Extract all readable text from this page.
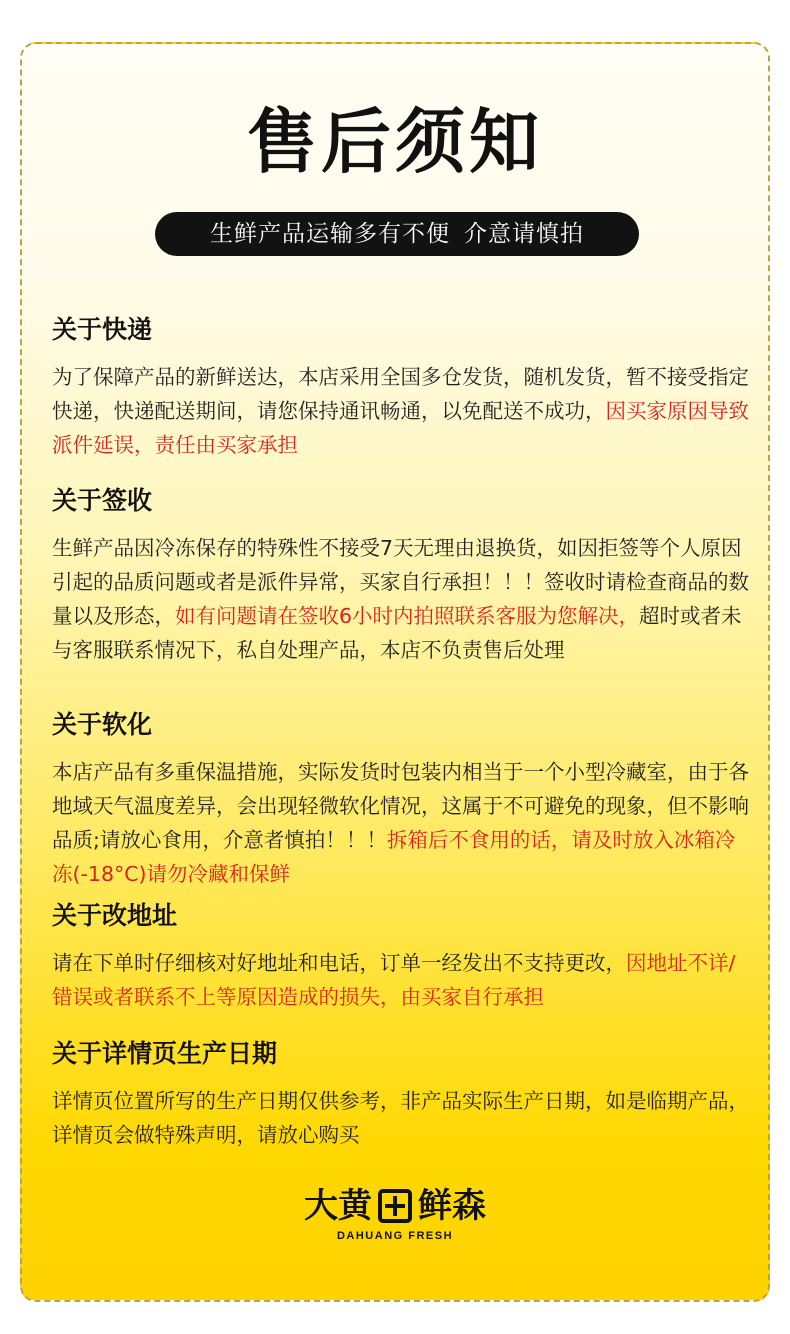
售后须知
生鲜产品运输多有不便 介意请慎拍
关于快递

为了保障产品的新鲜送达，本店采用全国多仓发货，随机发货，暂不接受指定快递，快递配送期间，请您保持通讯畅通，以免配送不成功，因买家原因导致派件延误，责任由买家承担

关于签收

生鲜产品因冷冻保存的特殊性不接受7天无理由退换货，如因拒签等个人原因引起的品质问题或者是派件异常，买家自行承担！！！签收时请检查商品的数量以及形态，如有问题请在签收6小时内拍照联系客服为您解决，超时或者未与客服联系情况下，私自处理产品，本店不负责售后处理

关于软化

本店产品有多重保温措施，实际发货时包装内相当于一个小型冷藏室，由于各地域天气温度差异，会出现轻微软化情况，这属于不可避免的现象，但不影响品质;请放心食用，介意者慎拍！！！拆箱后不食用的话，请及时放入冰箱冷冻(-18°C)请勿冷藏和保鲜

关于改地址

请在下单时仔细核对好地址和电话，订单一经发出不支持更改，因地址不详/错误或者联系不上等原因造成的损失，由买家自行承担

关于详情页生产日期

详情页位置所写的生产日期仅供参考，非产品实际生产日期，如是临期产品，详情页会做特殊声明，请放心购买

大黄 鲜森
DAHUANG FRESH
